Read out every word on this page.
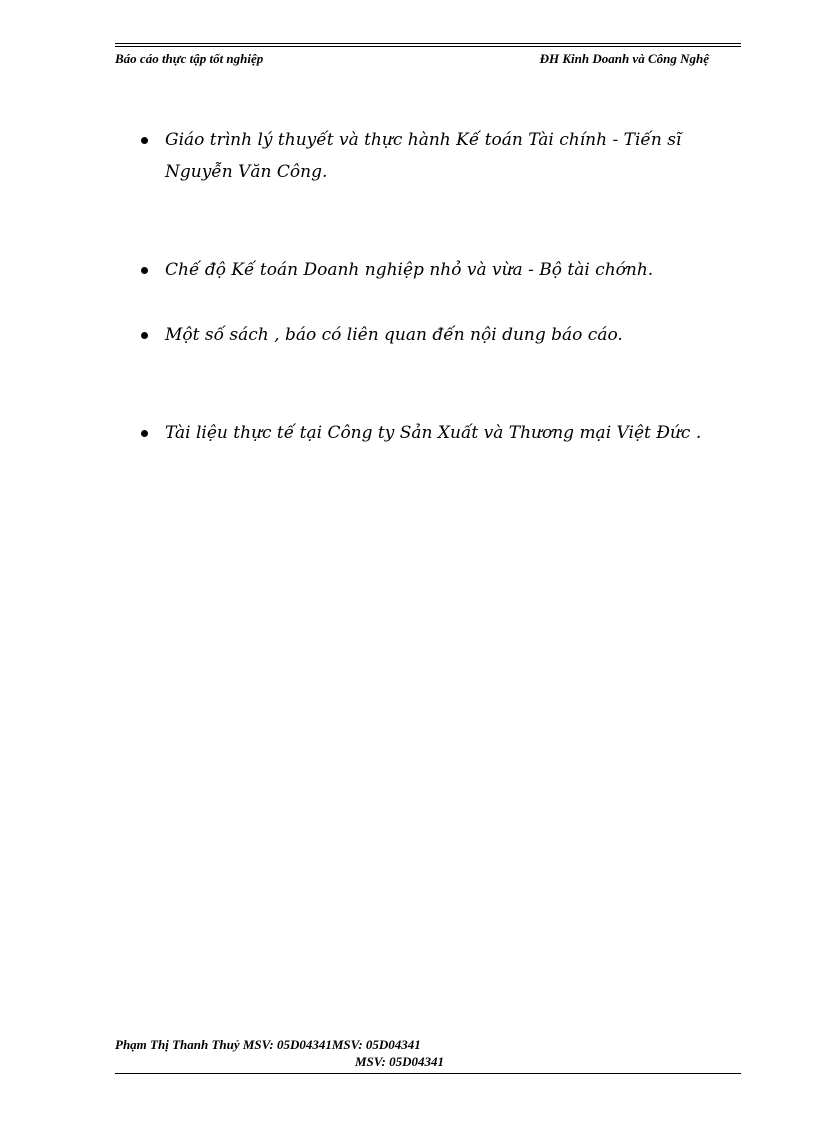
Báo cáo thực tập tốt nghiệp	ĐH Kinh Doanh và Công Nghệ
Giáo trình lý thuyết và thực hành Kế toán Tài chính - Tiến sĩ Nguyễn Văn Công.
Chế độ Kế toán Doanh nghiệp nhỏ và vừa - Bộ tài chớnh.
Một số sách , báo có liên quan đến nội dung báo cáo.
Tài liệu thực tế tại Công ty Sản Xuất và Thương mại Việt Đức .
Phạm Thị Thanh Thuỷ MSV: 05D04341MSV: 05D04341
MSV: 05D04341
